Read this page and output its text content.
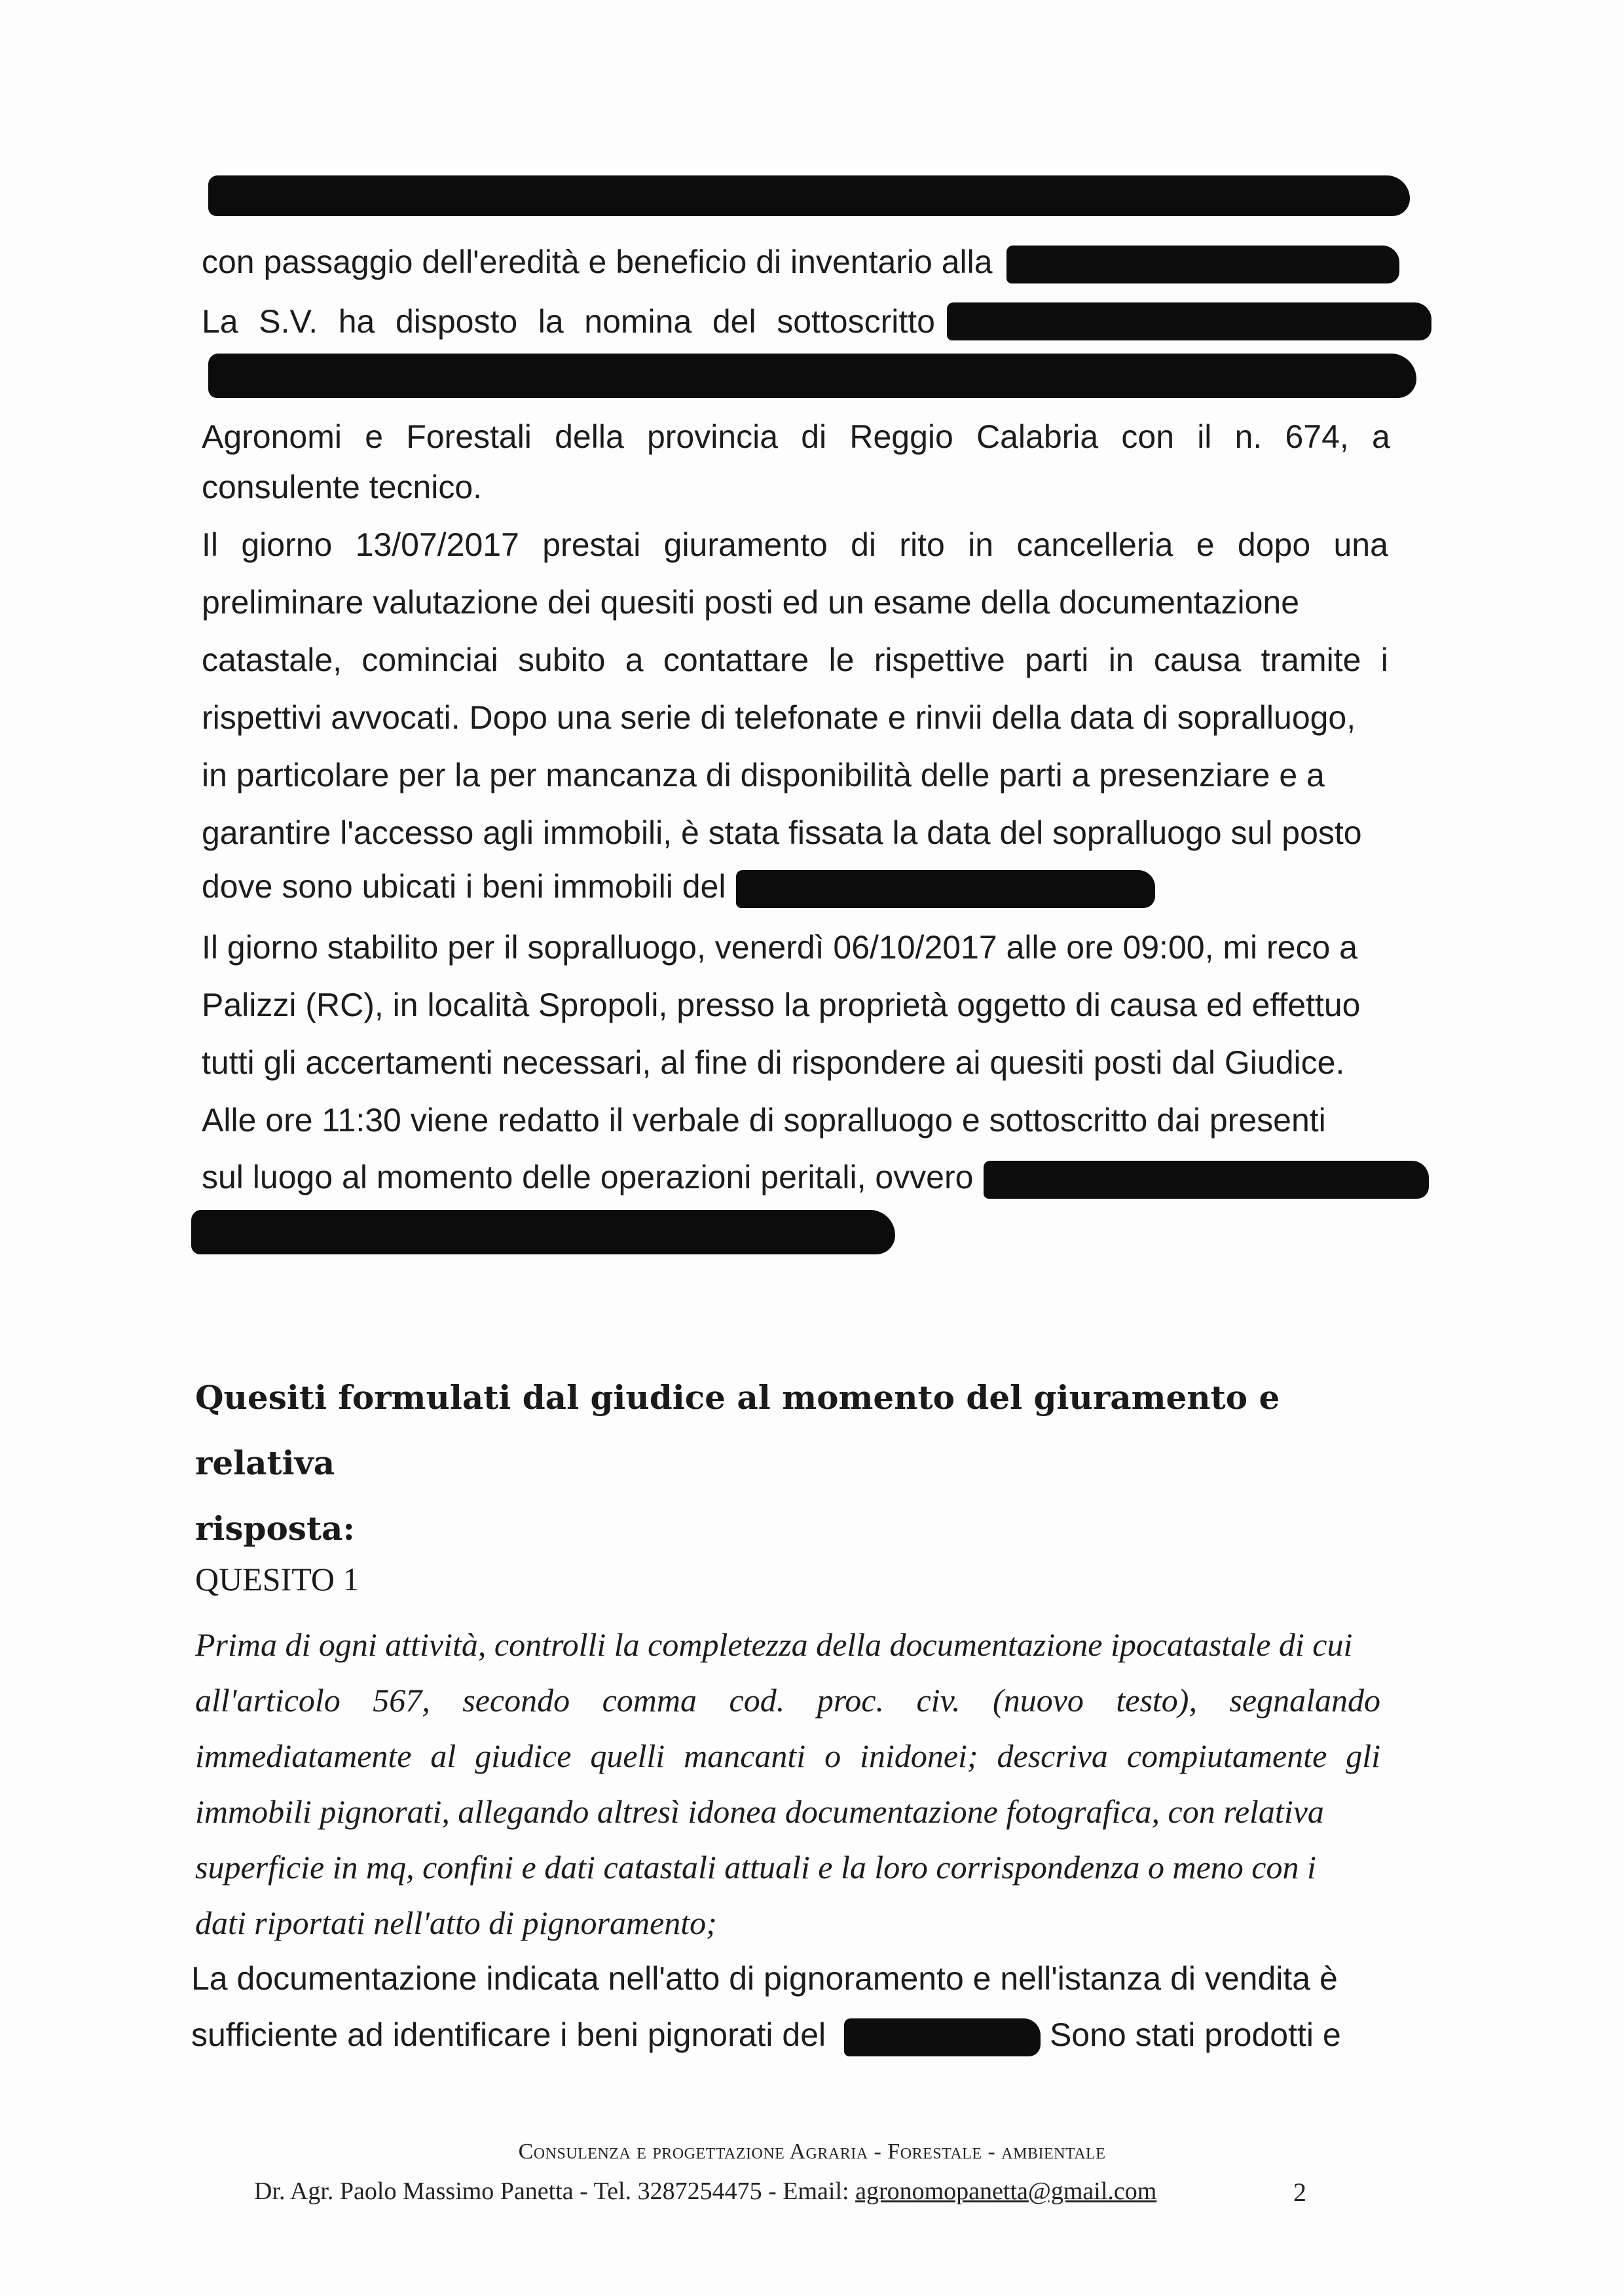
con passaggio dell'eredità e beneficio di inventario alla
La S.V. ha disposto la nomina del sottoscritto

Agronomi e Forestali della provincia di Reggio Calabria con il n. 674, a
consulente tecnico.
Il giorno 13/07/2017 prestai giuramento di rito in cancelleria e dopo una
preliminare valutazione dei quesiti posti ed un esame della documentazione
catastale, cominciai subito a contattare le rispettive parti in causa tramite i
rispettivi avvocati. Dopo una serie di telefonate e rinvii della data di sopralluogo,
in particolare per la per mancanza di disponibilità delle parti a presenziare e a
garantire l'accesso agli immobili, è stata fissata la data del sopralluogo sul posto
dove sono ubicati i beni immobili del
Il giorno stabilito per il sopralluogo, venerdì 06/10/2017 alle ore 09:00, mi reco a
Palizzi (RC), in località Spropoli, presso la proprietà oggetto di causa ed effettuo
tutti gli accertamenti necessari, al fine di rispondere ai quesiti posti dal Giudice.
Alle ore 11:30 viene redatto il verbale di sopralluogo e sottoscritto dai presenti
sul luogo al momento delle operazioni peritali, ovvero
Quesiti formulati dal giudice al momento del giuramento e relativa
risposta:
QUESITO 1
Prima di ogni attività, controlli la completezza della documentazione ipocatastale di cui
all'articolo 567, secondo comma cod. proc. civ. (nuovo testo), segnalando
immediatamente al giudice quelli mancanti o inidonei; descriva compiutamente gli
immobili pignorati, allegando altresì idonea documentazione fotografica, con relativa
superficie in mq, confini e dati catastali attuali e la loro corrispondenza o meno con i
dati riportati nell'atto di pignoramento;
La documentazione indicata nell'atto di pignoramento e nell'istanza di vendita è
sufficiente ad identificare i beni pignorati del	Sono stati prodotti e
Consulenza e progettazione Agraria - Forestale - ambientale
Dr. Agr. Paolo Massimo Panetta - Tel. 3287254475 - Email: agronomopanetta@gmail.com	2
